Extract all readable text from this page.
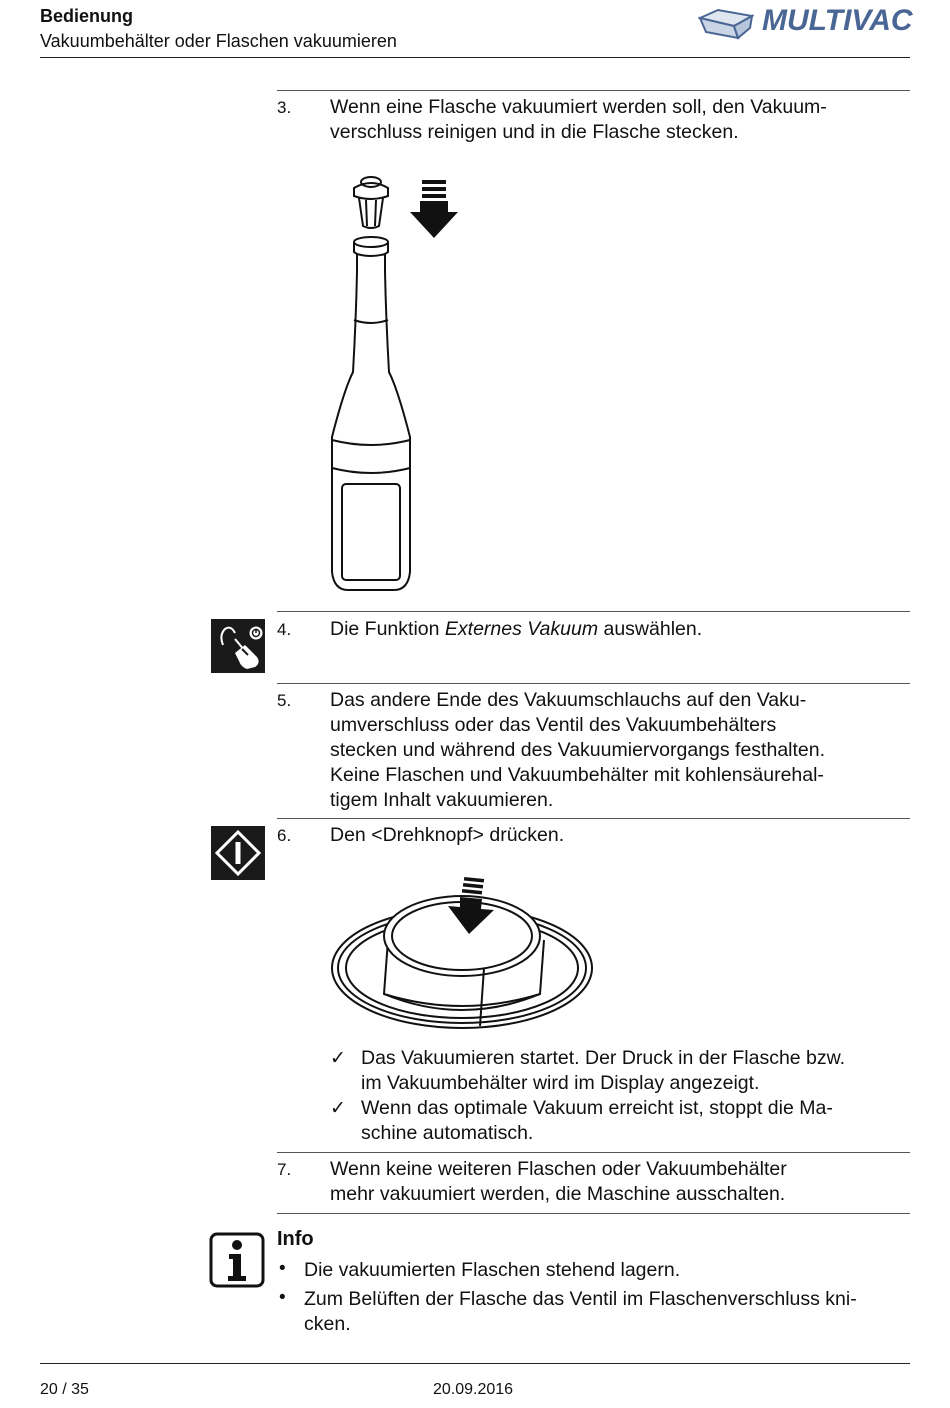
Bedienung
Vakuumbehälter oder Flaschen vakuumieren
MULTIVAC
3. Wenn eine Flasche vakuumiert werden soll, den Vakuum-
verschluss reinigen und in die Flasche stecken.
4. Die Funktion Externes Vakuum auswählen.
5. Das andere Ende des Vakuumschlauchs auf den Vaku-
umverschluss oder das Ventil des Vakuumbehälters
stecken und während des Vakuumiervorgangs festhalten.
Keine Flaschen und Vakuumbehälter mit kohlensäurehal-
tigem Inhalt vakuumieren.
6. Den <Drehknopf> drücken.
✓ Das Vakuumieren startet. Der Druck in der Flasche bzw.
im Vakuumbehälter wird im Display angezeigt.
✓ Wenn das optimale Vakuum erreicht ist, stoppt die Ma-
schine automatisch.
7. Wenn keine weiteren Flaschen oder Vakuumbehälter
mehr vakuumiert werden, die Maschine ausschalten.
Info
• Die vakuumierten Flaschen stehend lagern.
• Zum Belüften der Flasche das Ventil im Flaschenverschluss kni-
cken.
20 / 35	20.09.2016
